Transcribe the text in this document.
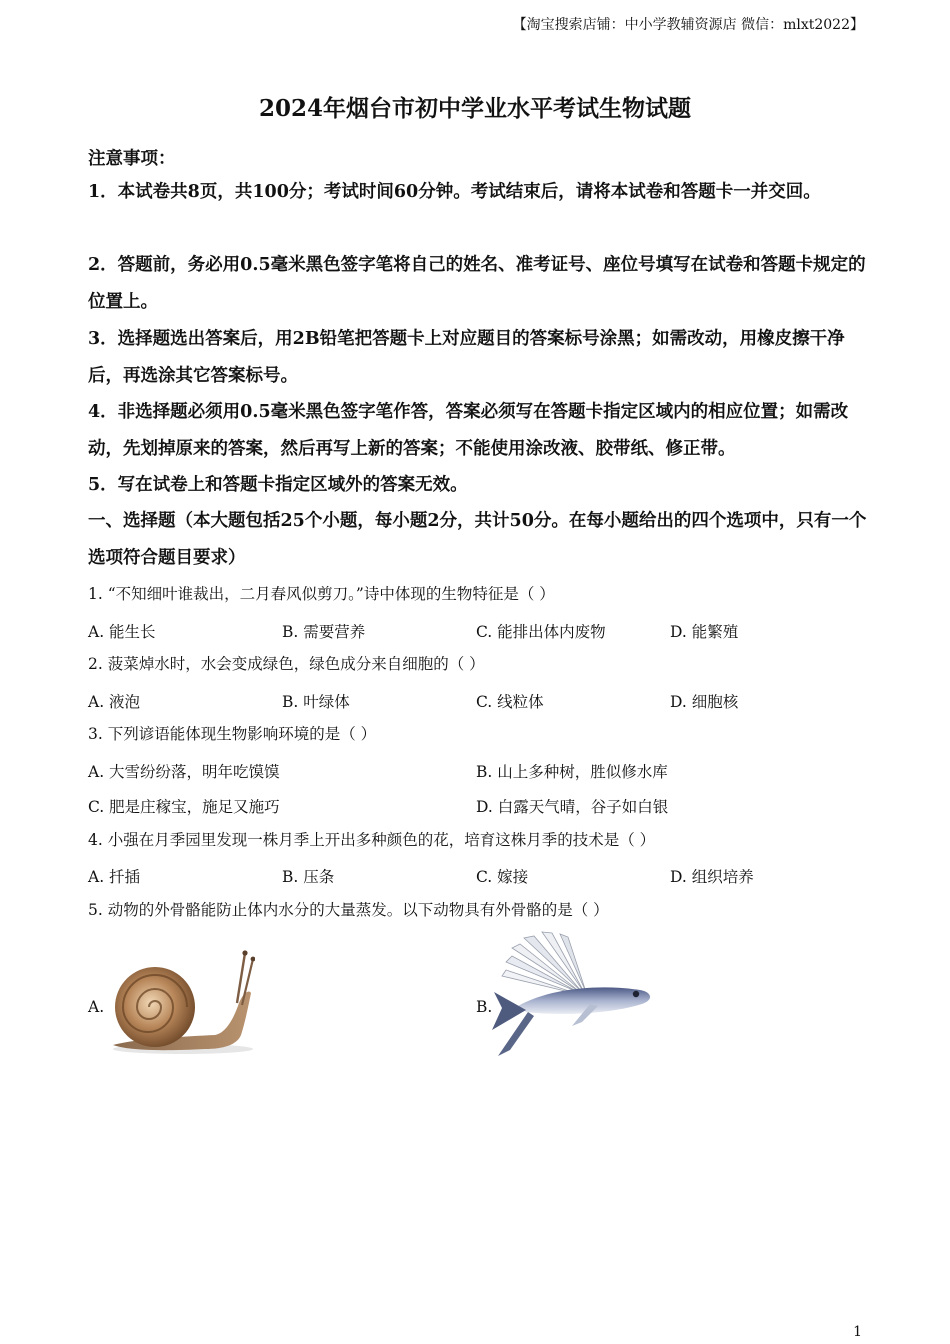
【淘宝搜索店铺：中小学教辅资源店 微信：mlxt2022】
2024年烟台市初中学业水平考试生物试题
注意事项：
1．本试卷共8页，共100分；考试时间60分钟。考试结束后，请将本试卷和答题卡一并交回。
2．答题前，务必用0.5毫米黑色签字笔将自己的姓名、准考证号、座位号填写在试卷和答题卡规定的位置上。
3．选择题选出答案后，用2B铅笔把答题卡上对应题目的答案标号涂黑；如需改动，用橡皮擦干净后，再选涂其它答案标号。
4．非选择题必须用0.5毫米黑色签字笔作答，答案必须写在答题卡指定区域内的相应位置；如需改动，先划掉原来的答案，然后再写上新的答案；不能使用涂改液、胶带纸、修正带。
5．写在试卷上和答题卡指定区域外的答案无效。
一、选择题（本大题包括25个小题，每小题2分，共计50分。在每小题给出的四个选项中，只有一个选项符合题目要求）
1. “不知细叶谁裁出，二月春风似剪刀。”诗中体现的生物特征是（ ）
A. 能生长	B. 需要营养	C. 能排出体内废物	D. 能繁殖
2. 菠菜焯水时，水会变成绿色，绿色成分来自细胞的（ ）
A. 液泡	B. 叶绿体	C. 线粒体	D. 细胞核
3. 下列谚语能体现生物影响环境的是（ ）
A. 大雪纷纷落，明年吃馍馍	B. 山上多种树，胜似修水库
C. 肥是庄稼宝，施足又施巧	D. 白露天气晴，谷子如白银
4. 小强在月季园里发现一株月季上开出多种颜色的花，培育这株月季的技术是（ ）
A. 扦插	B. 压条	C. 嫁接	D. 组织培养
5. 动物的外骨骼能防止体内水分的大量蒸发。以下动物具有外骨骼的是（ ）
A.	B.
1
